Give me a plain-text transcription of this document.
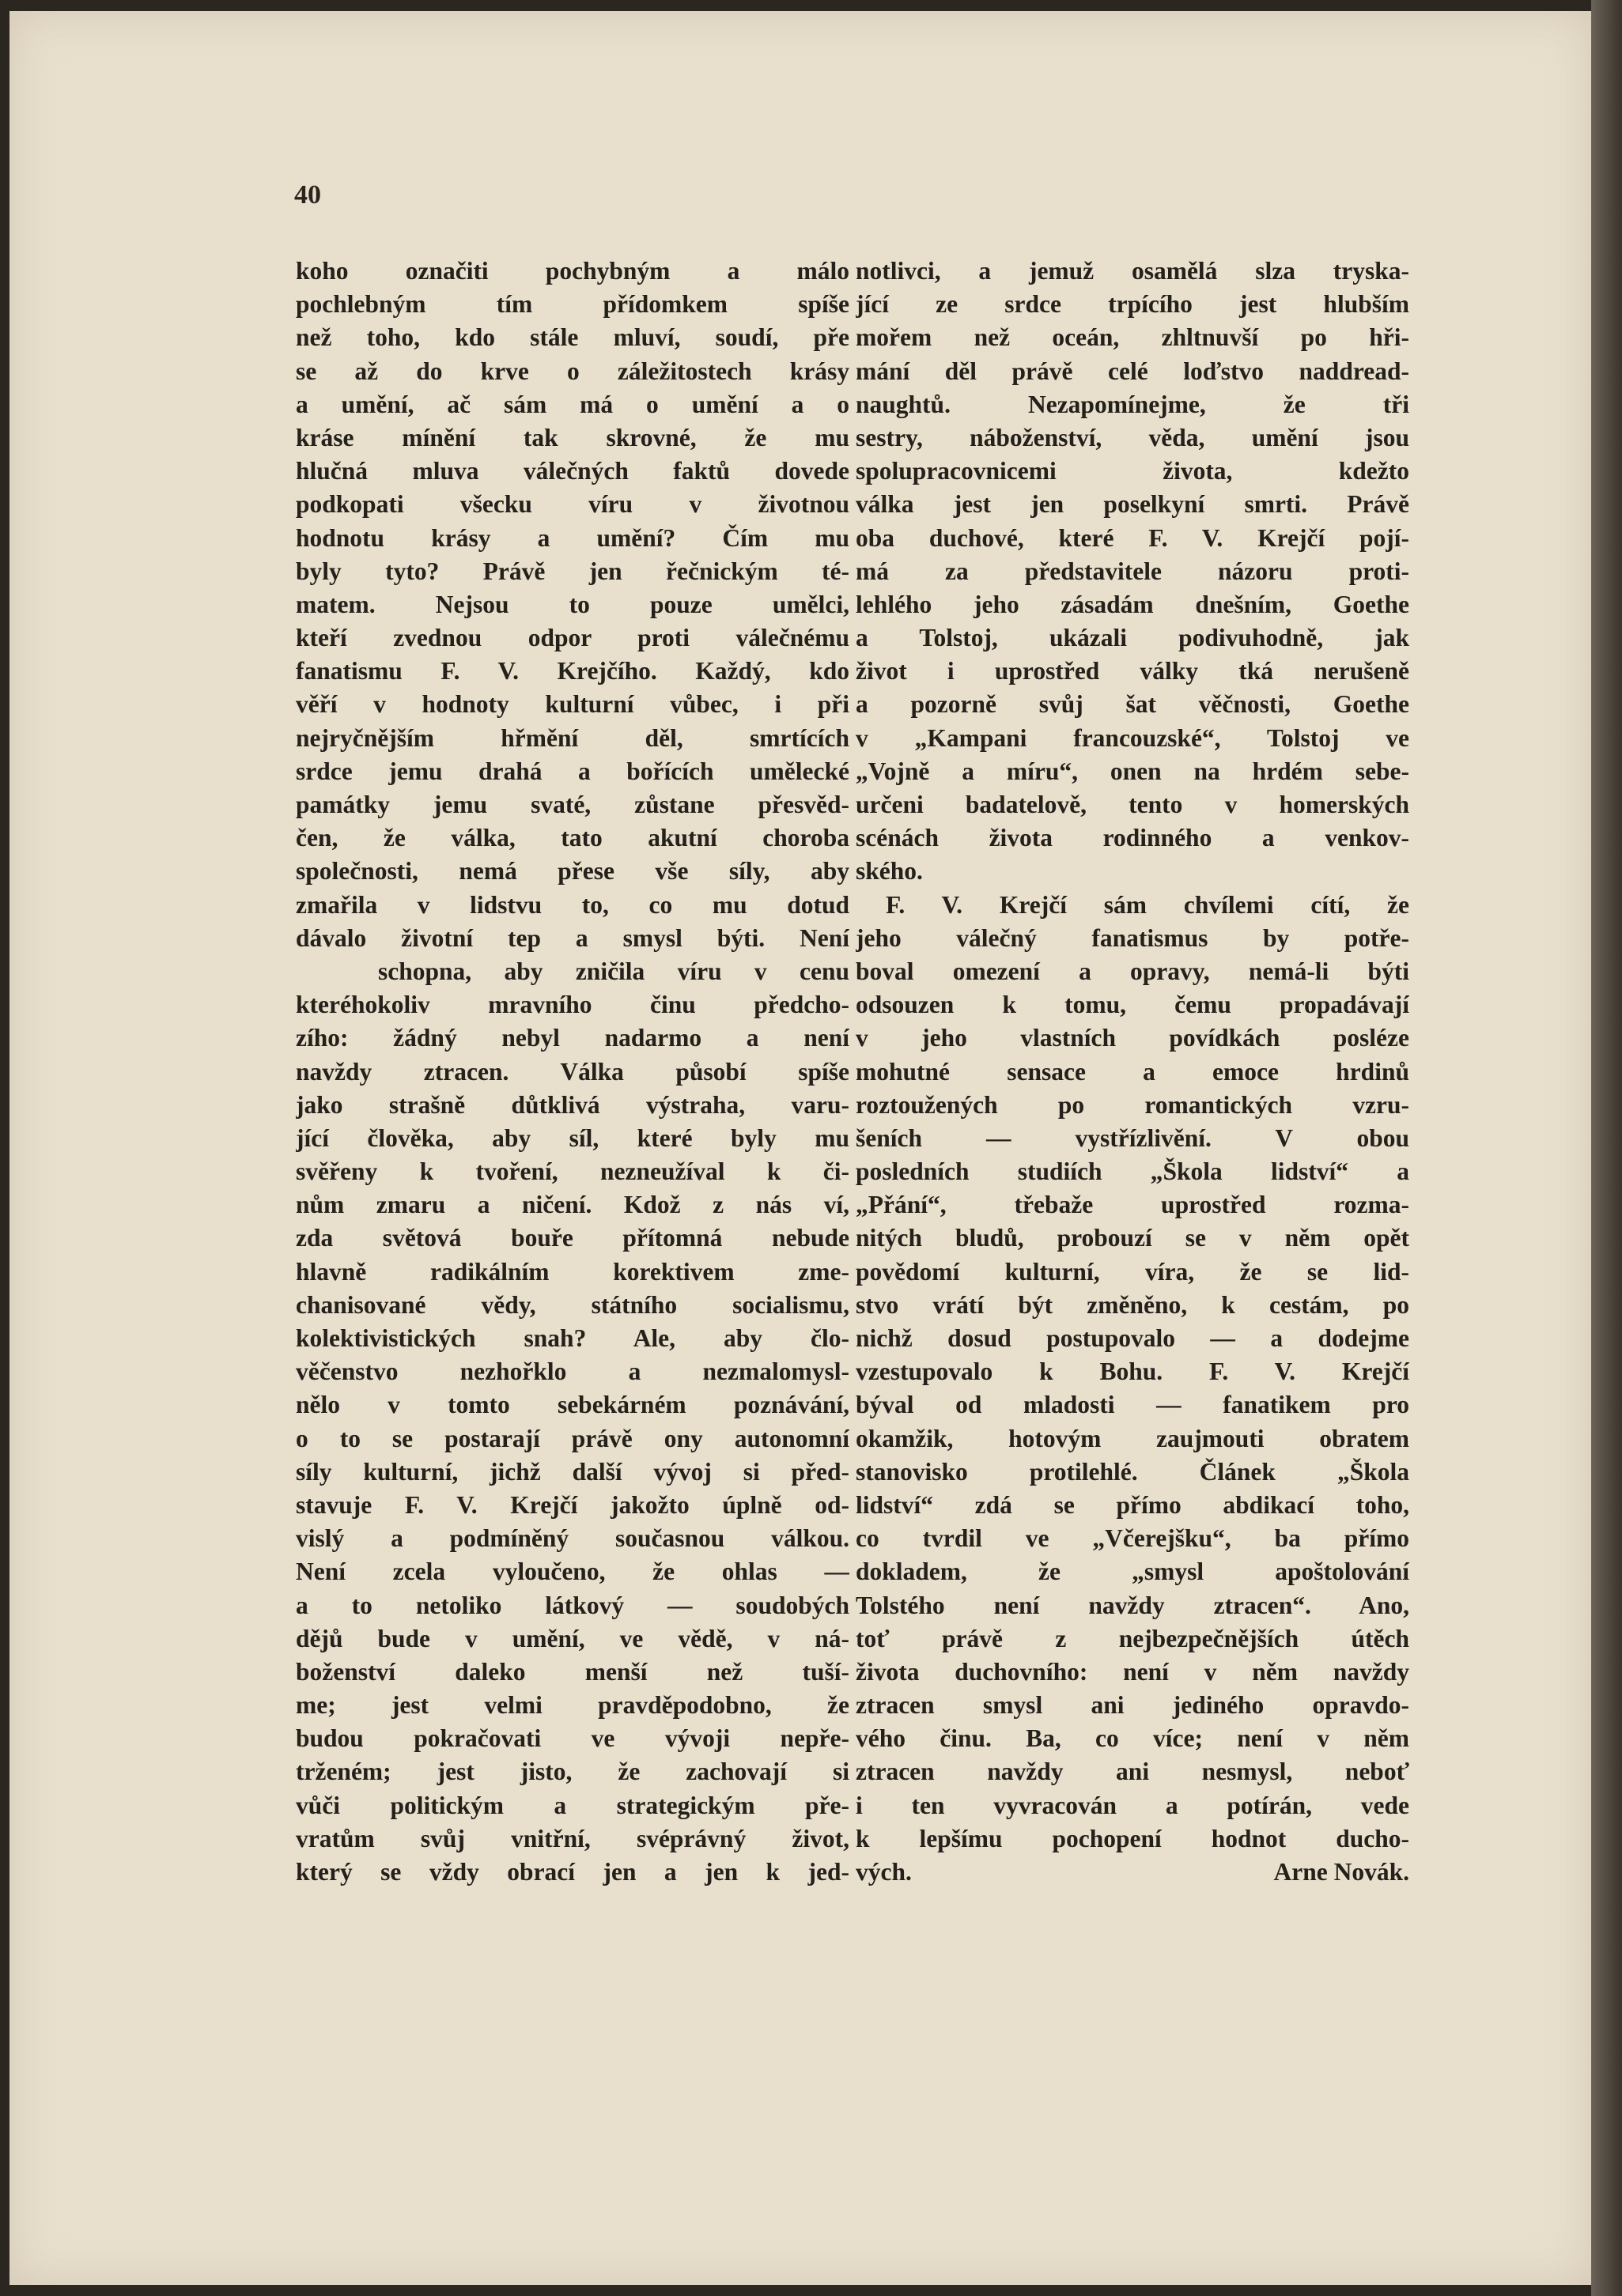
40
koho označiti pochybným a málo
pochlebným tím přídomkem spíše
než toho, kdo stále mluví, soudí, pře
se až do krve o záležitostech krásy
a umění, ač sám má o umění a o
kráse mínění tak skrovné, že mu
hlučná mluva válečných faktů dovede
podkopati všecku víru v životnou
hodnotu krásy a umění? Čím mu
byly tyto? Právě jen řečnickým té-
matem. Nejsou to pouze umělci,
kteří zvednou odpor proti válečnému
fanatismu F. V. Krejčího. Každý, kdo
věří v hodnoty kulturní vůbec, i při
nejryčnějším hřmění děl, smrtících
srdce jemu drahá a bořících umělecké
památky jemu svaté, zůstane přesvěd-
čen, že válka, tato akutní choroba
společnosti, nemá přese vše síly, aby
zmařila v lidstvu to, co mu dotud
dávalo životní tep a smysl býti. Není
schopna, aby zničila víru v cenu
kteréhokoliv mravního činu předcho-
zího: žádný nebyl nadarmo a není
navždy ztracen. Válka působí spíše
jako strašně důtklivá výstraha, varu-
jící člověka, aby síl, které byly mu
svěřeny k tvoření, nezneužíval k či-
nům zmaru a ničení. Kdož z nás ví,
zda světová bouře přítomná nebude
hlavně radikálním korektivem zme-
chanisované vědy, státního socialismu,
kolektivistických snah? Ale, aby člo-
věčenstvo nezhořklo a nezmalomysl-
nělo v tomto sebekárném poznávání,
o to se postarají právě ony autonomní
síly kulturní, jichž další vývoj si před-
stavuje F. V. Krejčí jakožto úplně od-
vislý a podmíněný současnou válkou.
Není zcela vyloučeno, že ohlas —
a to netoliko látkový — soudobých
dějů bude v umění, ve vědě, v ná-
boženství daleko menší než tuší-
me; jest velmi pravděpodobno, že
budou pokračovati ve vývoji nepře-
trženém; jest jisto, že zachovají si
vůči politickým a strategickým pře-
vratům svůj vnitřní, svéprávný život,
který se vždy obrací jen a jen k jed-
notlivci, a jemuž osamělá slza tryska-
jící ze srdce trpícího jest hlubším
mořem než oceán, zhltnuvší po hři-
mání děl právě celé loďstvo naddread-
naughtů. Nezapomínejme, že tři
sestry, náboženství, věda, umění jsou
spolupracovnicemi života, kdežto
válka jest jen poselkyní smrti. Právě
oba duchové, které F. V. Krejčí pojí-
má za představitele názoru proti-
lehlého jeho zásadám dnešním, Goethe
a Tolstoj, ukázali podivuhodně, jak
život i uprostřed války tká nerušeně
a pozorně svůj šat věčnosti, Goethe
v „Kampani francouzské“, Tolstoj ve
„Vojně a míru“, onen na hrdém sebe-
určeni badatelově, tento v homerských
scénách života rodinného a venkov-
ského.
F. V. Krejčí sám chvílemi cítí, že
jeho válečný fanatismus by potře-
boval omezení a opravy, nemá-li býti
odsouzen k tomu, čemu propadávají
v jeho vlastních povídkách posléze
mohutné sensace a emoce hrdinů
roztoužených po romantických vzru-
šeních — vystřízlivění. V obou
posledních studiích „Škola lidství“ a
„Přání“, třebaže uprostřed rozma-
nitých bludů, probouzí se v něm opět
povědomí kulturní, víra, že se lid-
stvo vrátí být změněno, k cestám, po
nichž dosud postupovalo — a dodejme
vzestupovalo k Bohu. F. V. Krejčí
býval od mladosti — fanatikem pro
okamžik, hotovým zaujmouti obratem
stanovisko protilehlé. Článek „Škola
lidství“ zdá se přímo abdikací toho,
co tvrdil ve „Včerejšku“, ba přímo
dokladem, že „smysl apoštolování
Tolstého není navždy ztracen“. Ano,
toť právě z nejbezpečnějších útěch
života duchovního: není v něm navždy
ztracen smysl ani jediného opravdo-
vého činu. Ba, co více; není v něm
ztracen navždy ani nesmysl, neboť
i ten vyvracován a potírán, vede
k lepšímu pochopení hodnot ducho-
vých.	Arne Novák.
